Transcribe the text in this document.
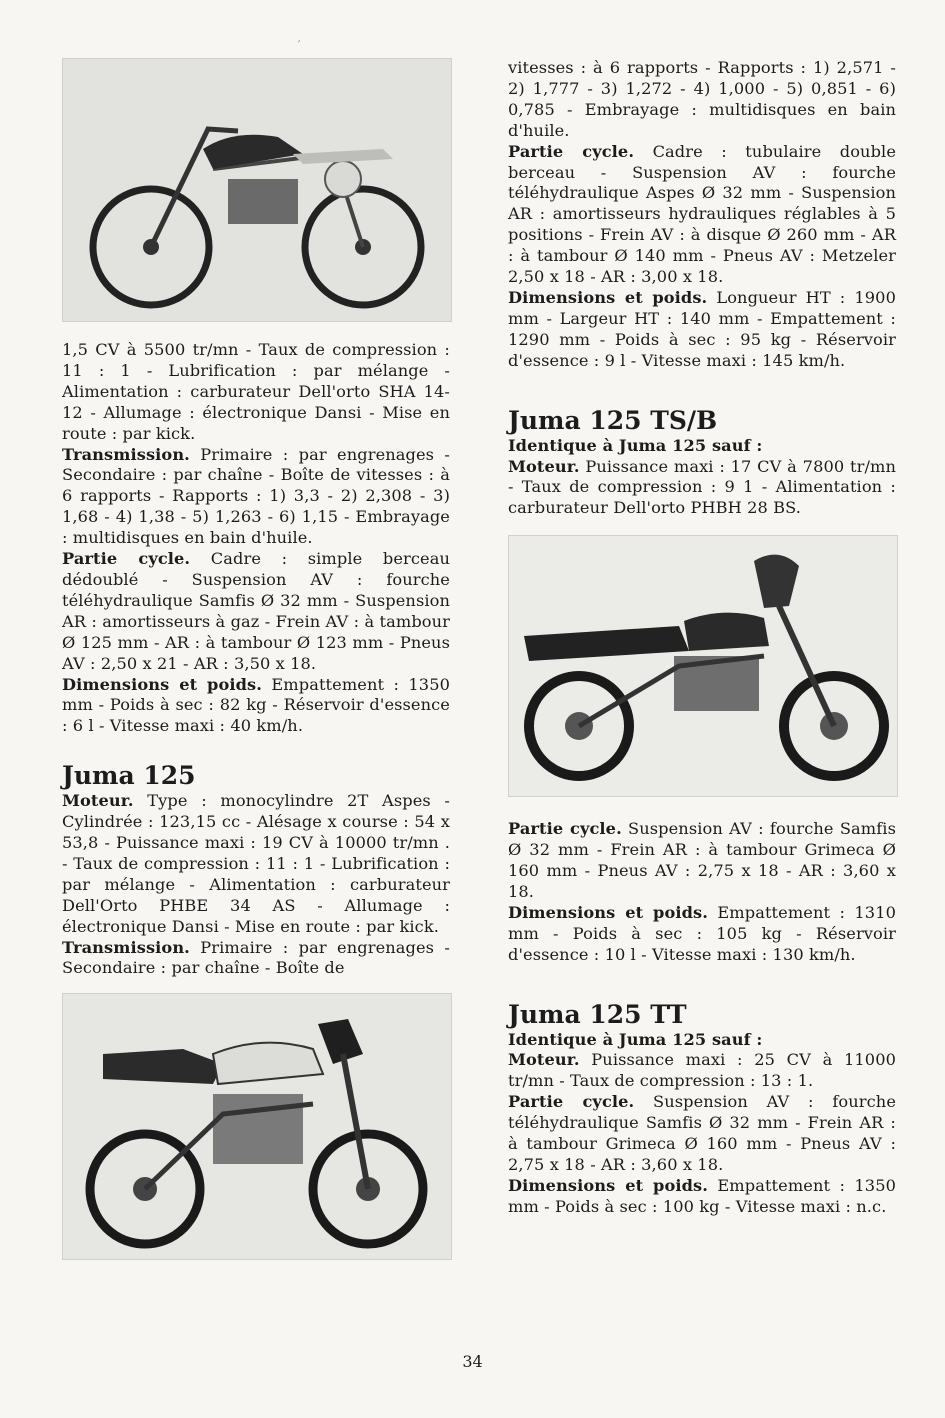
′

1,5 CV à 5500 tr/mn - Taux de compression : 11 : 1 - Lubrification : par mélange - Alimentation : carburateur Dell'orto SHA 14-12 - Allumage : électronique Dansi - Mise en route : par kick.

Transmission. Primaire : par engrenages - Secondaire : par chaîne - Boîte de vitesses : à 6 rapports - Rapports : 1) 3,3 - 2) 2,308 - 3) 1,68 - 4) 1,38 - 5) 1,263 - 6) 1,15 - Embrayage : multidisques en bain d'huile.

Partie cycle. Cadre : simple berceau dédoublé - Suspension AV : fourche téléhydraulique Samfis Ø 32 mm - Suspension AR : amortisseurs à gaz - Frein AV : à tambour Ø 125 mm - AR : à tambour Ø 123 mm - Pneus AV : 2,50 x 21 - AR : 3,50 x 18.

Dimensions et poids. Empattement : 1350 mm - Poids à sec : 82 kg - Réservoir d'essence : 6 l - Vitesse maxi : 40 km/h.

Juma 125

Moteur. Type : monocylindre 2T Aspes - Cylindrée : 123,15 cc - Alésage x course : 54 x 53,8 - Puissance maxi : 19 CV à 10000 tr/mn . - Taux de compression : 11 : 1 - Lubrification : par mélange - Alimentation : carburateur Dell'Orto PHBE 34 AS - Allumage : électronique Dansi - Mise en route : par kick.

Transmission. Primaire : par engrenages - Secondaire : par chaîne - Boîte de

vitesses : à 6 rapports - Rapports : 1) 2,571 - 2) 1,777 - 3) 1,272 - 4) 1,000 - 5) 0,851 - 6) 0,785 - Embrayage : multidisques en bain d'huile.

Partie cycle. Cadre : tubulaire double berceau - Suspension AV : fourche téléhydraulique Aspes Ø 32 mm - Suspension AR : amortisseurs hydrauliques réglables à 5 positions - Frein AV : à disque Ø 260 mm - AR : à tambour Ø 140 mm - Pneus AV : Metzeler 2,50 x 18 - AR : 3,00 x 18.

Dimensions et poids. Longueur HT : 1900 mm - Largeur HT : 140 mm - Empattement : 1290 mm - Poids à sec : 95 kg - Réservoir d'essence : 9 l - Vitesse maxi : 145 km/h.

Juma 125 TS/B

Identique à Juma 125 sauf :

Moteur. Puissance maxi : 17 CV à 7800 tr/mn - Taux de compression : 9 1 - Alimentation : carburateur Dell'orto PHBH 28 BS.

Partie cycle. Suspension AV : fourche Samfis Ø 32 mm - Frein AR : à tambour Grimeca Ø 160 mm - Pneus AV : 2,75 x 18 - AR : 3,60 x 18.

Dimensions et poids. Empattement : 1310 mm - Poids à sec : 105 kg - Réservoir d'essence : 10 l - Vitesse maxi : 130 km/h.

Juma 125 TT

Identique à Juma 125 sauf :

Moteur. Puissance maxi : 25 CV à 11000 tr/mn - Taux de compression : 13 : 1.

Partie cycle. Suspension AV : fourche téléhydraulique Samfis Ø 32 mm - Frein AR : à tambour Grimeca Ø 160 mm - Pneus AV : 2,75 x 18 - AR : 3,60 x 18.

Dimensions et poids. Empattement : 1350 mm - Poids à sec : 100 kg - Vitesse maxi : n.c.

34
